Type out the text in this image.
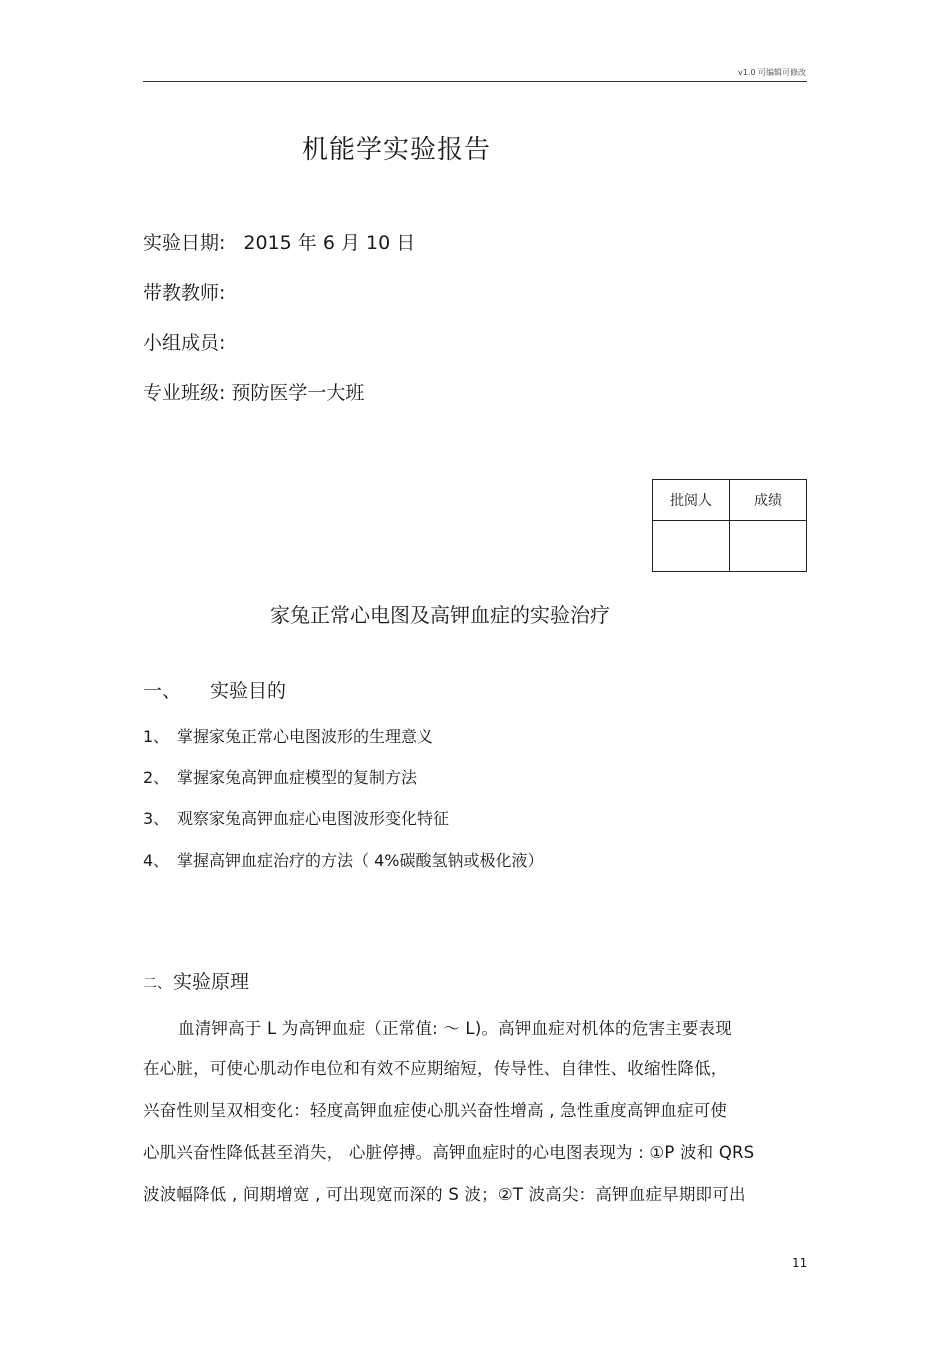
v1.0 可编辑可修改
机能学实验报告
实验日期: 2015 年 6 月 10 日
带教教师:
小组成员:
专业班级: 预防医学一大班
批阅人	成绩

家兔正常心电图及高钾血症的实验治疗
一、 实验目的
1、 掌握家兔正常心电图波形的生理意义
2、 掌握家兔高钾血症模型的复制方法
3、 观察家兔高钾血症心电图波形变化特征
4、 掌握高钾血症治疗的方法（ 4%碳酸氢钠或极化液）
二、 实验原理
血清钾高于 L 为高钾血症（正常值: ～ L)。高钾血症对机体的危害主要表现
在心脏，可使心肌动作电位和有效不应期缩短，传导性、自律性、收缩性降低，
兴奋性则呈双相变化：轻度高钾血症使心肌兴奋性增高 , 急性重度高钾血症可使
心肌兴奋性降低甚至消失， 心脏停搏。高钾血症时的心电图表现为 : ①P 波和 QRS
波波幅降低 , 间期增宽 , 可出现宽而深的 S 波；②T 波高尖：高钾血症早期即可出
11
